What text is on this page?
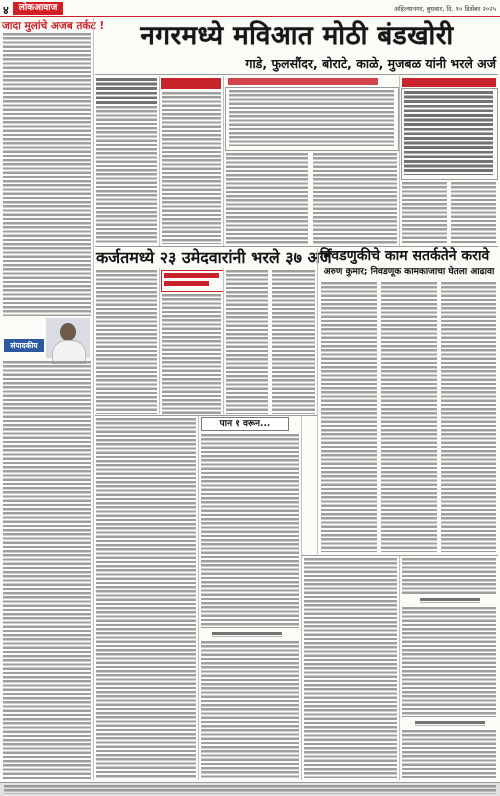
४	लोकआवाज	अहिल्यानगर, बुधवार, दि. १० डिसेंबर २०२५
जादा मुलांचे अजब तर्कट !
संपादकीय
नगरमध्ये मविआत मोठी बंडखोरी
गाडे, फुलसौंदर, बोराटे, काळे, मुजबळ यांनी भरले अर्ज
कर्जतमध्ये २३ उमेदवारांनी भरले ३७ अर्ज
निवडणुकीचे काम सतर्कतेने करावे
अरुण कुमार; निवडणूक कामकाजाचा घेतला आढावा
पान १ वरून...
